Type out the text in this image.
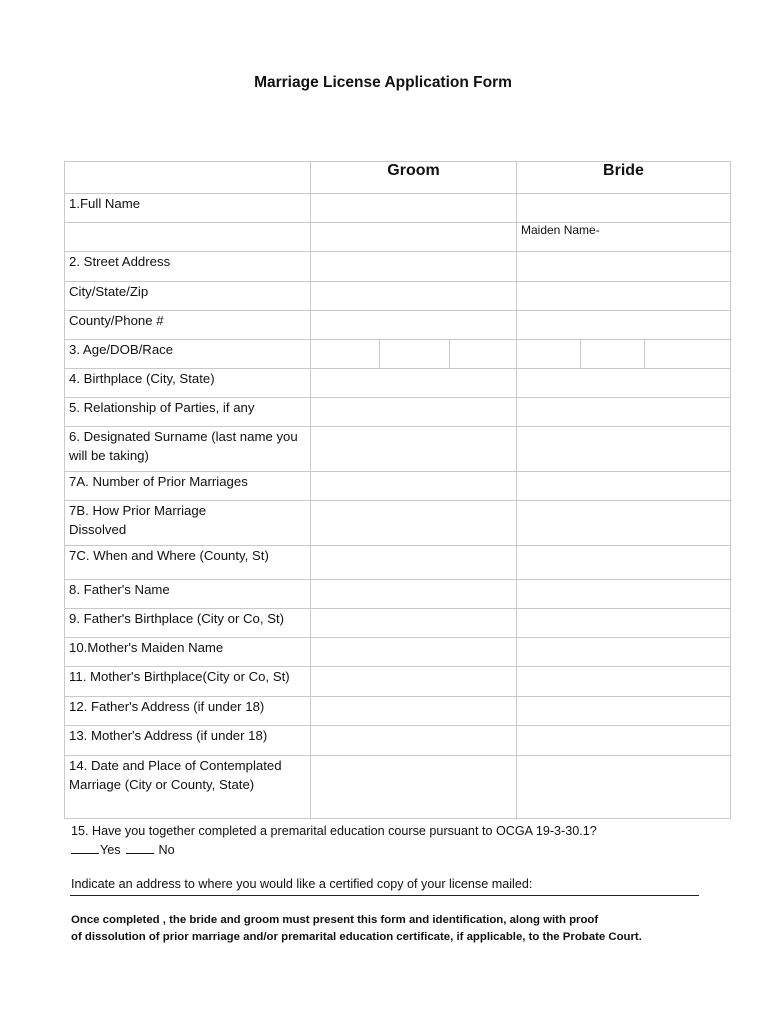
Marriage License Application Form
	Groom	Bride
1.Full Name		
		Maiden Name-
2. Street Address		
City/State/Zip		
County/Phone #		
3. Age/DOB/Race	

4. Birthplace (City, State)		
5. Relationship of Parties, if any		
6. Designated Surname (last name you will be taking)		
7A. Number of Prior Marriages		
7B. How Prior Marriage
Dissolved		
7C. When and Where (County, St)		
8. Father's Name		
9. Father's Birthplace (City or Co, St)		
10.Mother's Maiden Name		
11. Mother's Birthplace(City or Co, St)		
12. Father's Address (if under 18)		
13. Mother's Address (if under 18)		
14. Date and Place of Contemplated Marriage (City or County, State)		
15. Have you together completed a premarital education course pursuant to OCGA 19-3-30.1?
Yes	No
Indicate an address to where you would like a certified copy of your license mailed:
Once completed , the bride and groom must present this form and identification, along with proof
of dissolution of prior marriage and/or premarital education certificate, if applicable, to the Probate Court.
